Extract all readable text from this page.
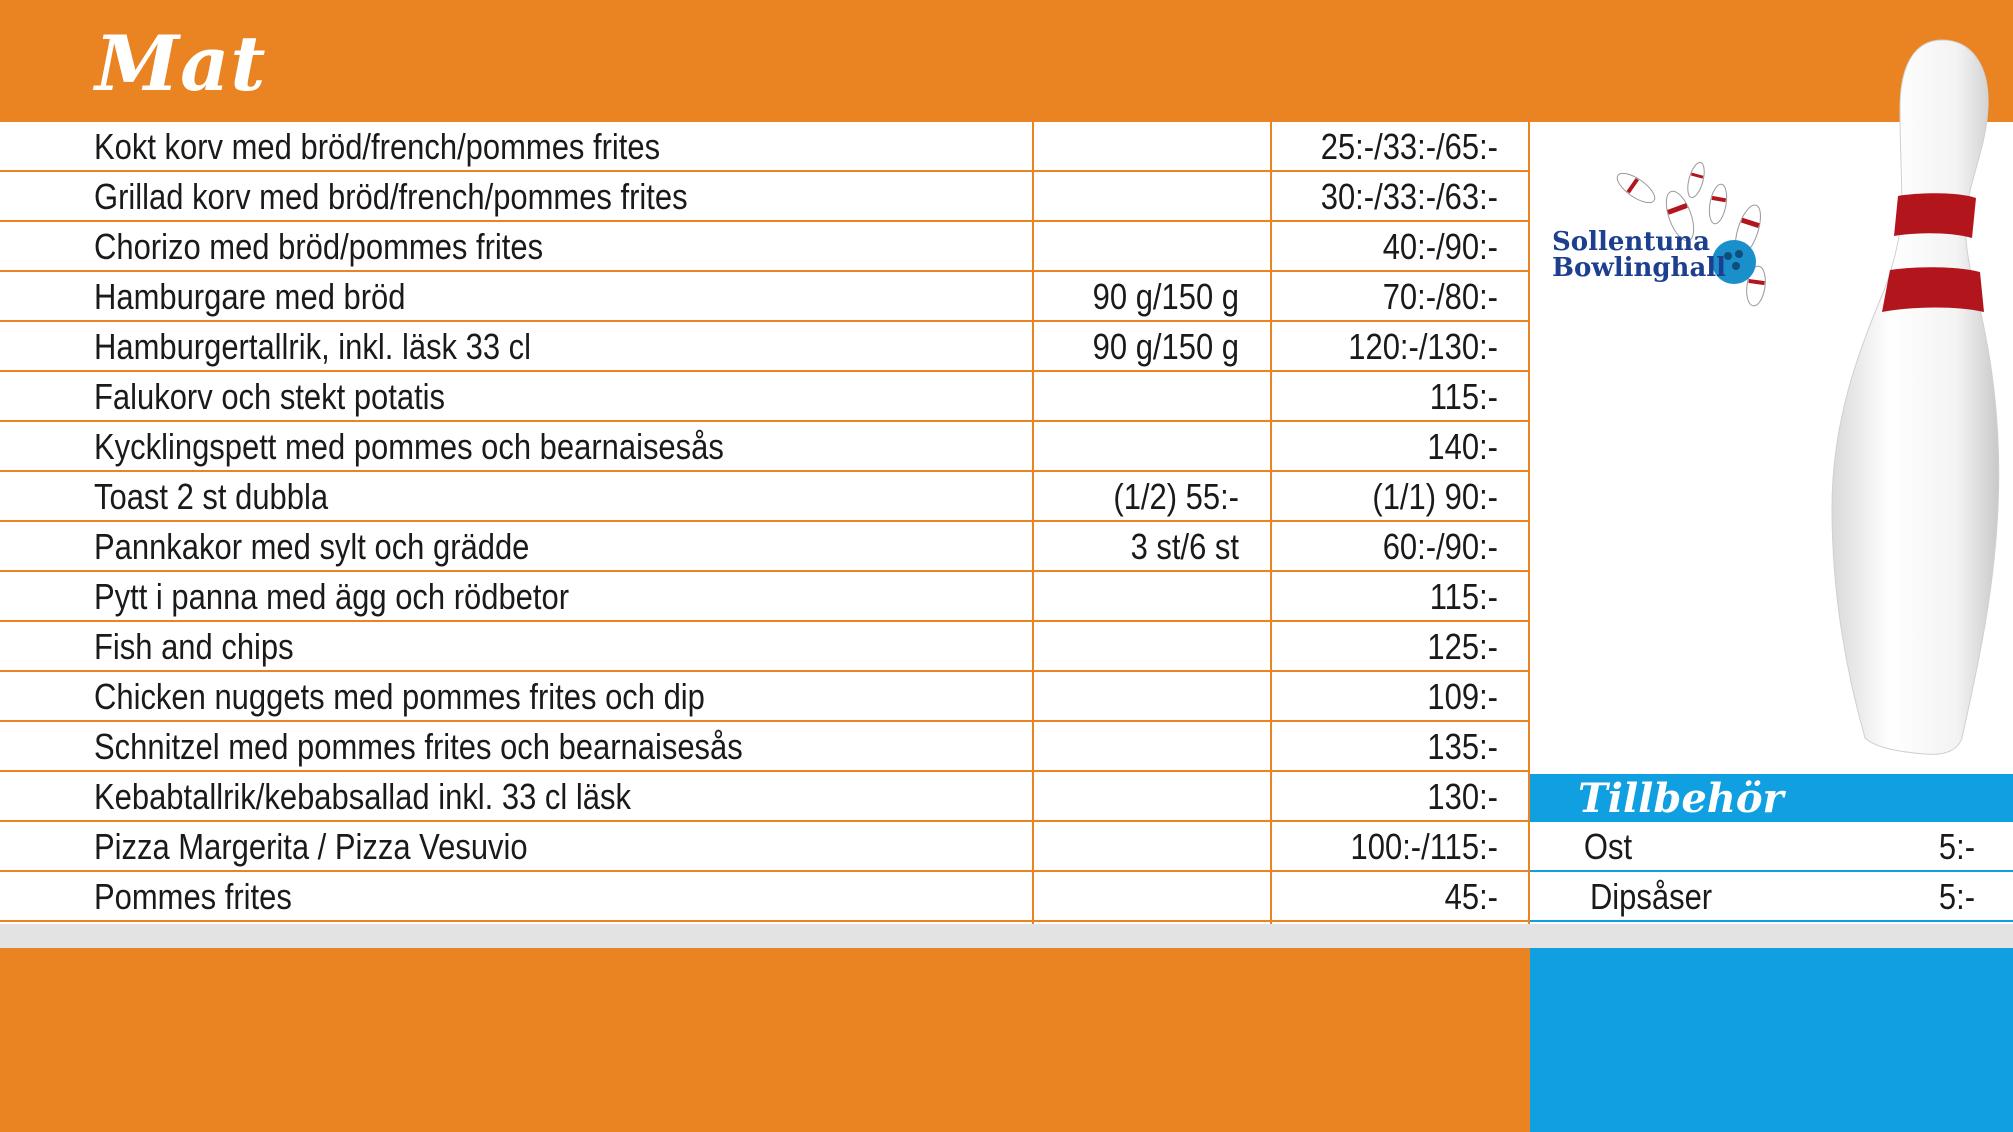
Mat
Sollentuna
Bowlinghall
Kokt korv med bröd/french/pommes frites	25:-/33:-/65:-
Grillad korv med bröd/french/pommes frites	30:-/33:-/63:-
Chorizo med bröd/pommes frites	40:-/90:-
Hamburgare med bröd	90 g/150 g	70:-/80:-
Hamburgertallrik, inkl. läsk 33 cl	90 g/150 g	120:-/130:-
Falukorv och stekt potatis	115:-
Kycklingspett med pommes och bearnaisesås	140:-
Toast 2 st dubbla	(1/2) 55:-	(1/1) 90:-
Pannkakor med sylt och grädde	3 st/6 st	60:-/90:-
Pytt i panna med ägg och rödbetor	115:-
Fish and chips	125:-
Chicken nuggets med pommes frites och dip	109:-
Schnitzel med pommes frites och bearnaisesås	135:-
Kebabtallrik/kebabsallad inkl. 33 cl läsk	130:-
Pizza Margerita / Pizza Vesuvio	100:-/115:-
Pommes frites	45:-
Tillbehör
Ost	5:-
Dipsåser	5:-
